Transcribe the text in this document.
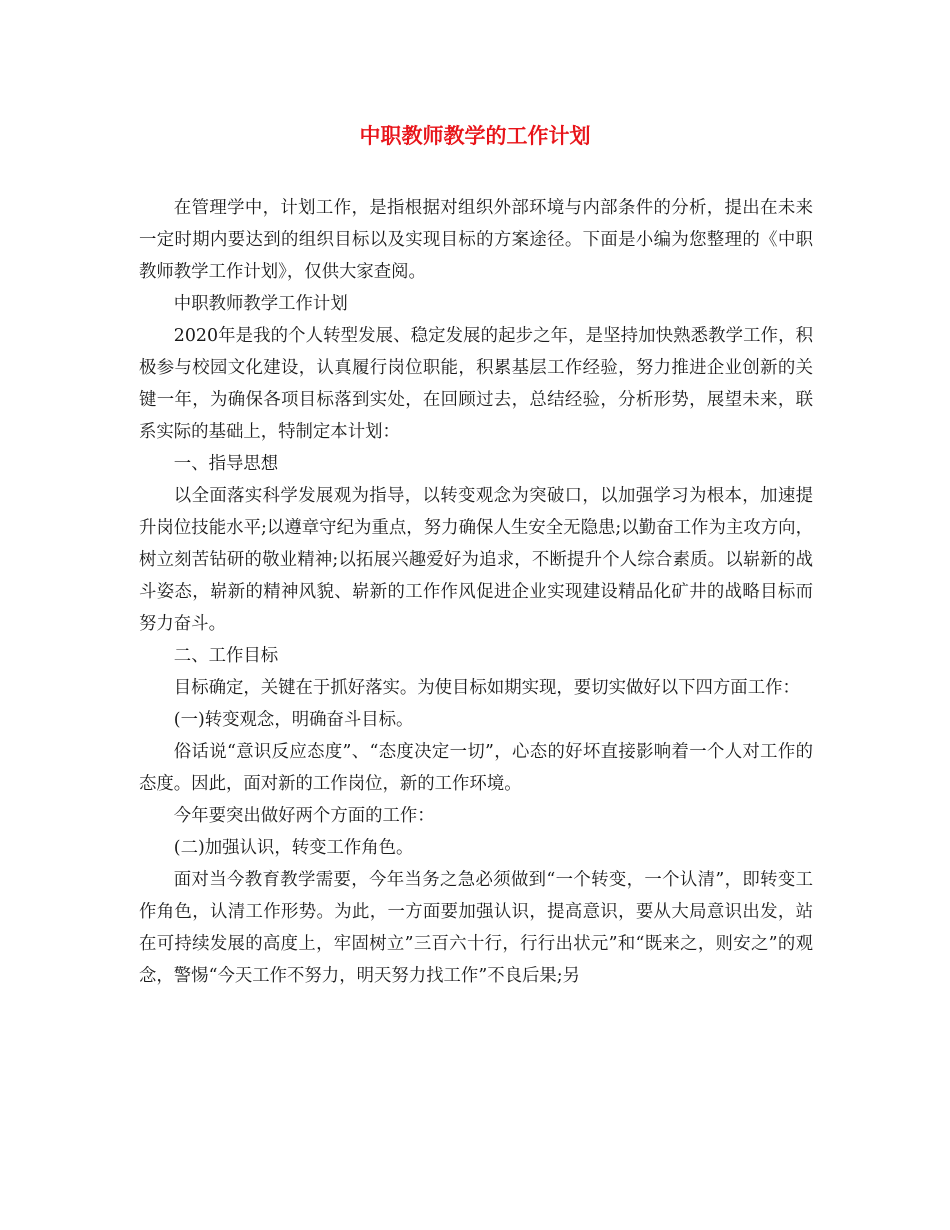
中职教师教学的工作计划

在管理学中，计划工作，是指根据对组织外部环境与内部条件的分析，提出在未来一定时期内要达到的组织目标以及实现目标的方案途径。下面是小编为您整理的《中职教师教学工作计划》，仅供大家查阅。

中职教师教学工作计划

2020年是我的个人转型发展、稳定发展的起步之年，是坚持加快熟悉教学工作，积极参与校园文化建设，认真履行岗位职能，积累基层工作经验，努力推进企业创新的关键一年，为确保各项目标落到实处，在回顾过去，总结经验，分析形势，展望未来，联系实际的基础上，特制定本计划：

一、指导思想

以全面落实科学发展观为指导，以转变观念为突破口，以加强学习为根本，加速提升岗位技能水平;以遵章守纪为重点，努力确保人生安全无隐患;以勤奋工作为主攻方向，树立刻苦钻研的敬业精神;以拓展兴趣爱好为追求，不断提升个人综合素质。以崭新的战斗姿态，崭新的精神风貌、崭新的工作作风促进企业实现建设精品化矿井的战略目标而努力奋斗。

二、工作目标

目标确定，关键在于抓好落实。为使目标如期实现，要切实做好以下四方面工作：

(一)转变观念，明确奋斗目标。

俗话说“意识反应态度”、“态度决定一切”，心态的好坏直接影响着一个人对工作的态度。因此，面对新的工作岗位，新的工作环境。

今年要突出做好两个方面的工作：

(二)加强认识，转变工作角色。

面对当今教育教学需要，今年当务之急必须做到“一个转变，一个认清”，即转变工作角色，认清工作形势。为此，一方面要加强认识，提高意识，要从大局意识出发，站在可持续发展的高度上，牢固树立”三百六十行，行行出状元”和“既来之，则安之”的观念，警惕“今天工作不努力，明天努力找工作”不良后果;另
